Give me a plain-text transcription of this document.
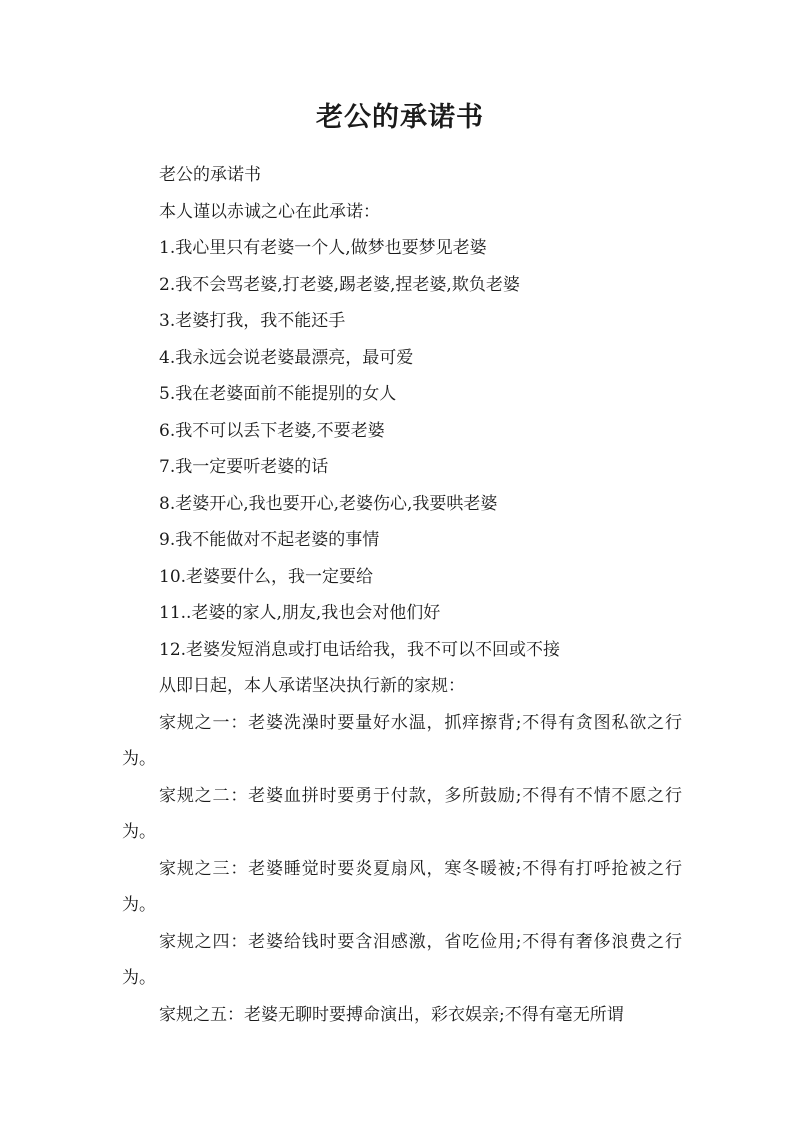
老公的承诺书

老公的承诺书

本人谨以赤诚之心在此承诺：

1.我心里只有老婆一个人,做梦也要梦见老婆

2.我不会骂老婆,打老婆,踢老婆,捏老婆,欺负老婆

3.老婆打我，我不能还手

4.我永远会说老婆最漂亮，最可爱

5.我在老婆面前不能提别的女人

6.我不可以丢下老婆,不要老婆

7.我一定要听老婆的话

8.老婆开心,我也要开心,老婆伤心,我要哄老婆

9.我不能做对不起老婆的事情

10.老婆要什么，我一定要给

11..老婆的家人,朋友,我也会对他们好

12.老婆发短消息或打电话给我，我不可以不回或不接

从即日起，本人承诺坚决执行新的家规：

家规之一：老婆洗澡时要量好水温，抓痒擦背;不得有贪图私欲之行为。

家规之二：老婆血拼时要勇于付款，多所鼓励;不得有不情不愿之行为。

家规之三：老婆睡觉时要炎夏扇风，寒冬暖被;不得有打呼抢被之行为。

家规之四：老婆给钱时要含泪感激，省吃俭用;不得有奢侈浪费之行为。

家规之五：老婆无聊时要搏命演出，彩衣娱亲;不得有毫无所谓
